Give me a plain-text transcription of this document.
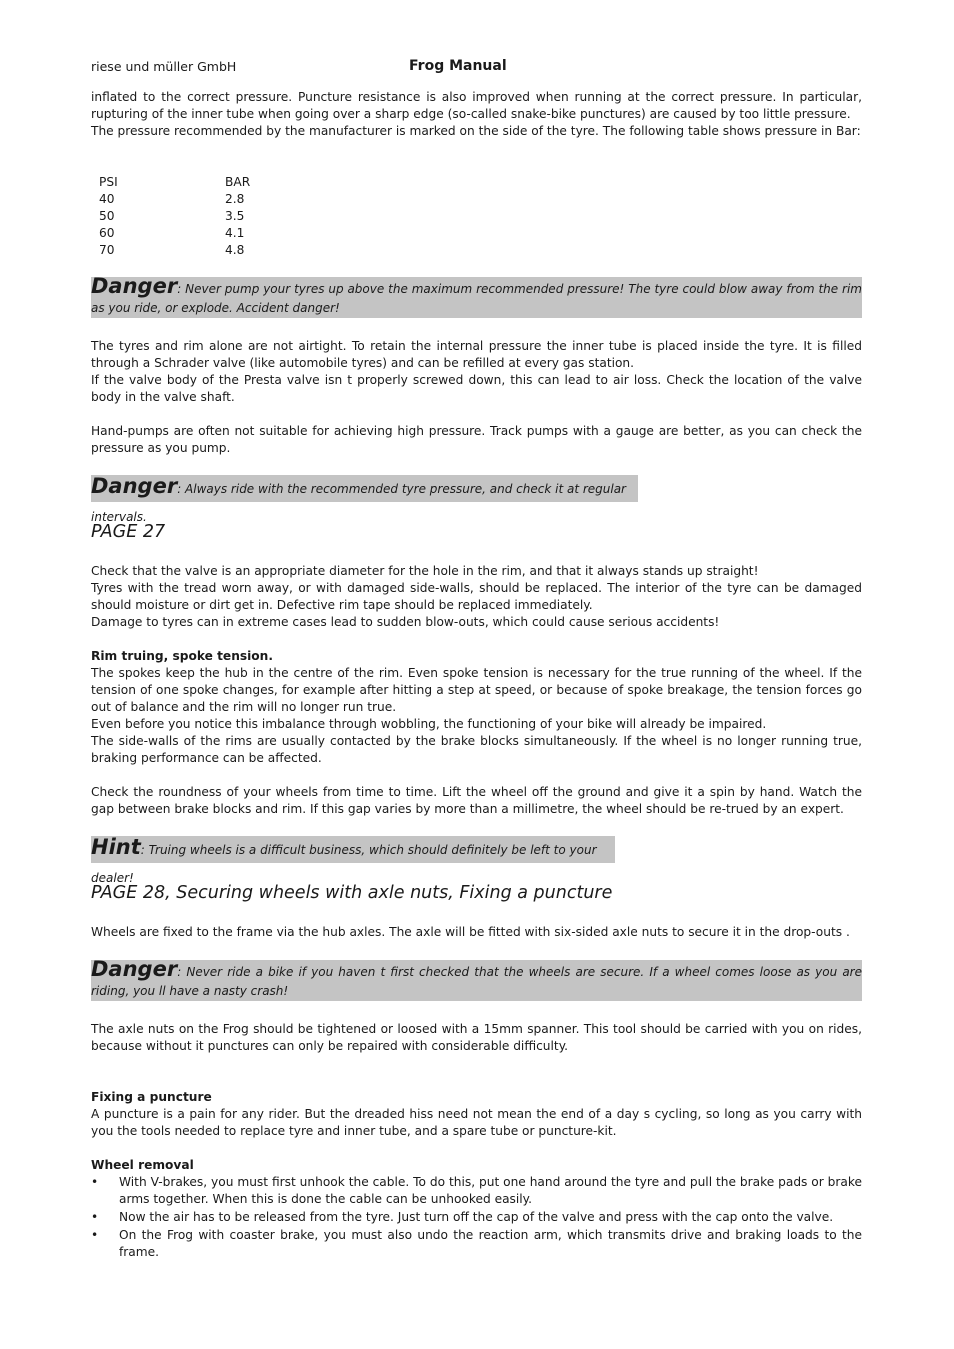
riese und müller GmbH	Frog Manual
inflated to the correct pressure. Puncture resistance is also improved when running at the correct pressure. In particular, rupturing of the inner tube when going over a sharp edge (so-called snake-bike punctures) are caused by too little pressure.
The pressure recommended by the manufacturer is marked on the side of the tyre. The following table shows pressure in Bar:
PSI	BAR
40	2.8
50	3.5
60	4.1
70	4.8
Danger: Never pump your tyres up above the maximum recommended pressure! The tyre could blow away from the rim as you ride, or explode. Accident danger!
The tyres and rim alone are not airtight. To retain the internal pressure the inner tube is placed inside the tyre. It is filled through a Schrader valve (like automobile tyres) and can be refilled at every gas station.
If the valve body of the Presta valve isn t properly screwed down, this can lead to air loss. Check the location of the valve body in the valve shaft.
Hand-pumps are often not suitable for achieving high pressure. Track pumps with a gauge are better, as you can check the pressure as you pump.
Danger: Always ride with the recommended tyre pressure, and check it at regular intervals.
PAGE 27
Check that the valve is an appropriate diameter for the hole in the rim, and that it always stands up straight!
Tyres with the tread worn away, or with damaged side-walls, should be replaced. The interior of the tyre can be damaged should moisture or dirt get in. Defective rim tape should be replaced immediately.
Damage to tyres can in extreme cases lead to sudden blow-outs, which could cause serious accidents!
Rim truing, spoke tension.
The spokes keep the hub in the centre of the rim. Even spoke tension is necessary for the true running of the wheel. If the tension of one spoke changes, for example after hitting a step at speed, or because of spoke breakage, the tension forces go out of balance and the rim will no longer run true.
Even before you notice this imbalance through wobbling, the functioning of your bike will already be impaired.
The side-walls of the rims are usually contacted by the brake blocks simultaneously. If the wheel is no longer running true, braking performance can be affected.
Check the roundness of your wheels from time to time. Lift the wheel off the ground and give it a spin by hand. Watch the gap between brake blocks and rim. If this gap varies by more than a millimetre, the wheel should be re-trued by an expert.
Hint: Truing wheels is a difficult business, which should definitely be left to your dealer!
PAGE 28, Securing wheels with axle nuts, Fixing a puncture
Wheels are fixed to the frame via the hub axles. The axle will be fitted with six-sided axle nuts to secure it in the drop-outs .
Danger: Never ride a bike if you haven t first checked that the wheels are secure. If a wheel comes loose as you are riding, you ll have a nasty crash!
The axle nuts on the Frog should be tightened or loosed with a 15mm spanner. This tool should be carried with you on rides, because without it punctures can only be repaired with considerable difficulty.
Fixing a puncture
A puncture is a pain for any rider. But the dreaded hiss need not mean the end of a day s cycling, so long as you carry with you the tools needed to replace tyre and inner tube, and a spare tube or puncture-kit.
Wheel removal
• With V-brakes, you must first unhook the cable. To do this, put one hand around the tyre and pull the brake pads or brake arms together. When this is done the cable can be unhooked easily.
• Now the air has to be released from the tyre. Just turn off the cap of the valve and press with the cap onto the valve.
• On the Frog with coaster brake, you must also undo the reaction arm, which transmits drive and braking loads to the frame.
